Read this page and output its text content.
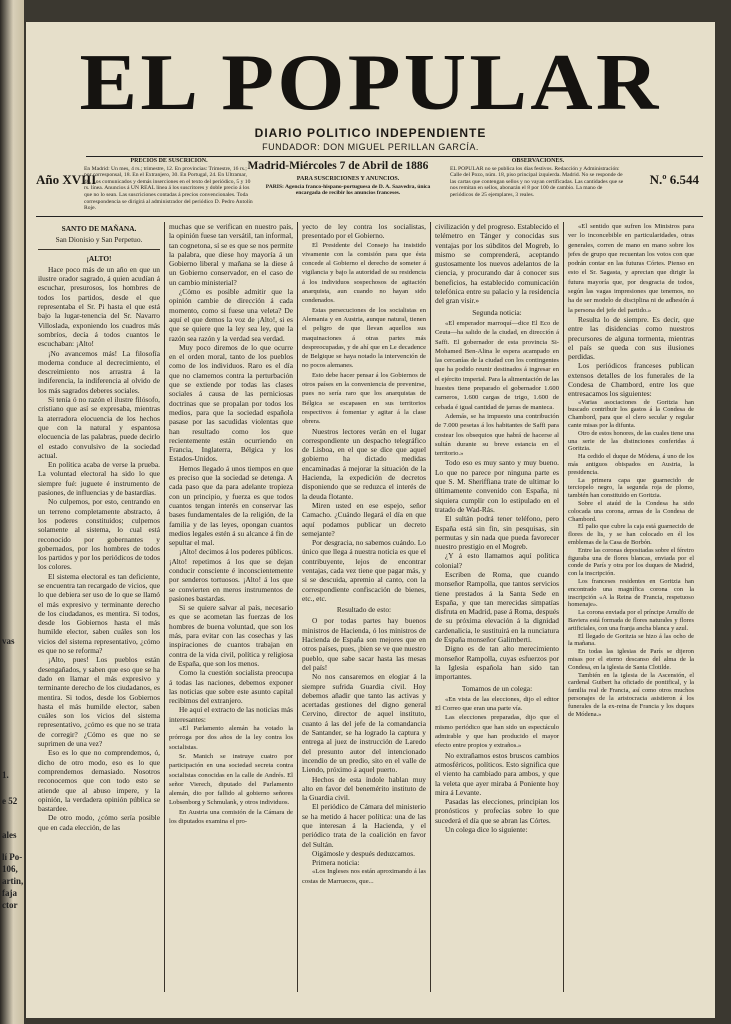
vas
1.
e 52
ales
lí Po-
106,
artin,
faja
ctor
EL POPULAR
DIARIO POLITICO INDEPENDIENTE
FUNDADOR: DON MIGUEL PERILLAN GARCÍA.
Año XVIII
PRECIOS DE SUSCRICION.
En Madrid: Un mes, 4 rs.; trimestre, 12. En provincias: Trimestre, 16 rs.; por corresponsal, 18. En el Extranjero, 30. En Portugal, 24. En Ultramar, 40. Los comunicados y demás inserciones en el texto del periódico, 5 y 10 rs. línea. Anuncios á UN REAL línea á los suscritores y doble precio á los que no lo sean. Las suscriciones contadas á precios convencionales. Toda correspondencia se dirigirá al administrador del periódico D. Pedro Antolín Roje.
Madrid-Miércoles 7 de Abril de 1886
PARA SUSCRICIONES Y ANUNCIOS.
PARIS: Agencia franco-hispano-portuguesa de D. A. Saavedra, única encargada de recibir los anuncios franceses.
OBSERVACIONES.
EL POPULAR no se publica los días festivos. Redacción y Administración: Calle del Pozo, núm. 18, piso principal izquierda. Madrid. No se responde de las cartas que contengan sellos y no vayan certificadas. Las cantidades que se nos remitan en sellos, abonarán el 8 por 100 de cambio. La mano de periódicos de 25 ejemplares, 3 reales.
N.º 6.544
SANTO DE MAÑANA.
San Dionisio y San Perpetuo.
¡ALTO!

Hace poco más de un año en que un ilustre orador sagrado, á quien acudían á escuchar, presurosos, los hombres de todos los partidos, desde el que representaba el Sr. Pi hasta el que está bajo la lugar-tenencia del Sr. Navarro Villoslada, exponiendo los cuadros más sombríos, decía á todos cuantos le escuchaban: ¡Alto!

¡No avancemos más! La filosofía moderna conduce al decrecimiento, el descreimiento nos arrastra á la indiferencia, la indiferencia al olvido de los más sagrados deberes sociales.

Si tenía ó no razón el ilustre filósofo, cristiano que así se expresaba, mientras la aterradora elocuencia de los hechos que con la natural y espantosa elocuencia de las palabras, puede decirlo el estado convulsivo de la sociedad actual.

En política acaba de verse la prueba. La voluntad electoral ha sido lo que siempre fué: juguete é instrumento de pasiones, de influencias y de bastardías.

No culpemos, por esto, centrando en un terreno completamente abstracto, á los poderes constituidos; culpemos solamente al sistema, lo cual está reconocido por gobernantes y gobernados, por los hombres de todos los partidos y por los periódicos de todos los colores.

El sistema electoral es tan deficiente, se encuentra tan recargado de vicios, que lo que debiera ser uso de lo que se llamó el más expresivo y terminante derecho de los ciudadanos, es mentira. Si todos, desde los Gobiernos hasta el más humilde elector, saben cuáles son los vicios del sistema representativo, ¿cómo es que no se reforma?

¡Alto, pues! Los pueblos están desengañados, y saben que eso que se ha dado en llamar el más expresivo y terminante derecho de los ciudadanos, es mentira. Si todos, desde los Gobiernos hasta el más humilde elector, saben cuáles son los vicios del sistema representativo, ¿cómo es que no se trata de corregir? ¿Cómo es que no se suprimen de una vez?

Eso es lo que no comprendemos, ó, dicho de otro modo, eso es lo que comprendemos demasiado. Nosotros reconocemos que con todo esto se atiende que al abuso impere, y la opinión, la verdadera opinión pública se bastardee.

De otro modo, ¿cómo sería posible que en cada elección, de las

muchas que se verifican en nuestro país, la opinión fuese tan versátil, tan informal, tan cognetona, sí se es que se nos permite la palabra, que diese hoy mayoría á un Gobierno liberal y mañana se la diese á un Gobierno conservador, en el caso de un cambio ministerial?

¿Cómo es posible admitir que la opinión cambie de dirección á cada momento, como si fuese una veleta? De aquí el que demos la voz de ¡Alto!, si es que se quiere que la ley sea ley, que la razón sea razón y la verdad sea verdad.

Muy poco diremos de lo que ocurre en el orden moral, tanto de los pueblos como de los individuos. Raro es el día que no clamemos contra la perturbación que se extiende por todas las clases sociales á causa de las perniciosas doctrinas que se propalan por todos los medios, para que la sociedad española pasase por las sacudidas violentas que han resultado como los que recientemente están ocurriendo en Francia, Inglaterra, Bélgica y los Estados-Unidos.

Hemos llegado á unos tiempos en que es preciso que la sociedad se detenga. A cada paso que da para adelante tropieza con un principio, y fuerza es que todos cuantos tengan interés en conservar las bases fundamentales de la religión, de la familia y de las leyes, opongan cuantos medios legales estén á su alcance á fin de sepultar el mal.

¡Alto! decimos á los poderes públicos. ¡Alto! repetimos á los que se dejan conducir consciente é inconscientemente por senderos tortuosos. ¡Alto! á los que se convierten en meros instrumentos de pasiones bastardas.

Si se quiere salvar al país, necesario es que se acometan las fuerzas de los hombres de buena voluntad, que son los más, para evitar con las cosechas y las inspiraciones de cuantos trabajan en contra de la vida civil, política y religiosa de España, que son los menos.

Como la cuestión socialista preocupa á todas las naciones, debemos exponer las noticias que sobre este asunto capital recibimos del extranjero.

He aquí el extracto de las noticias más interesantes:

«El Parlamento alemán ha votado la prórroga por dos años de la ley contra los socialistas.

Sr. Manich se instruye cuatro por participación en una sociedad secreta contra socialistas conocidas en la calle de Andrés. El señor Vierech, diputado del Parlamento alemán, dio por fallido al gobierno señores Lobsenborg y Schmulank, y otros individuos.

En Austria una comisión de la Cámara de los diputados examina el pro-

yecto de ley contra los socialistas, presentado por el Gobierno.

El Presidente del Consejo ha insistido vivamente con la comisión para que ésta concede al Gobierno el derecho de someter á vigilancia y bajo la autoridad de su residencia á los individuos sospechosos de agitación anarquista, aun cuando no hayan sido condenados.

Estas persecuciones de los socialistas en Alemania y en Austria, aunque natural, tienen el peligro de que llevan aquellos sus maquinaciones á otras partes más despreocupadas, y de ahí que en Le decadence de Belgique se haya notado la intervención de no pocos alemanes.

Esto debe hacer pensar á los Gobiernos de otros países en la conveniencia de prevenirse, pues no sería raro que los anarquistas de Bélgica se escapasen en sus territorios respectivos á fomentar y agitar á la clase obrera.

Nuestros lectores verán en el lugar correspondiente un despacho telegráfico de Lisboa, en el que se dice que aquel gobierno ha dictado medidas encaminadas á mejorar la situación de la Hacienda, la expedición de decretos disponiendo que se reduzca el interés de la deuda flotante.

Miren usted en ese espejo, señor Camacho. ¿Cuándo llegará el día en que aquí podamos publicar un decreto semejante?

Por desgracia, no sabemos cuándo. Lo único que llega á nuestra noticia es que el contribuyente, lejos de encontrar ventajas, cada vez tiene que pagar más, y si se descuida, apremio al canto, con la correspondiente confiscación de bienes, etc., etc.

Resultado de esto:

O por todas partes hay buenos ministros de Hacienda, ó los ministros de Hacienda de España son mejores que en otros países, pues, ¡bien se ve que nuestro pueblo, que sabe sacar hasta las mesas del país!

No nos cansaremos en elogiar á la siempre sufrida Guardia civil. Hoy debemos añadir que tanto las activas y acertadas gestiones del digno general Cervino, director de aquel instituto, cuanto á las del jefe de la comandancia de Santander, se ha logrado la captura y entrega al juez de instrucción de Laredo del presunto autor del intencionado incendio de un predio, sito en el valle de Liendo, próximo á aquel puerto.

Hechos de esta índole hablan muy alto en favor del benemérito instituto de la Guardia civil.

El periódico de Cámara del ministerio se ha metido á hacer política: una de las que interesan á la Hacienda, y el periódico trata de la coalición en favor del Sultán.

Oigámosle y después deduzcamos.

Primera noticia:

«Los Ingleses nos están aproximando á las costas de Marruecos, que...

civilización y del progreso. Establecido el telémetro en Tánger y conocidas sus ventajas por los súbditos del Mogreb, lo mismo se comprenderá, aceptando gustosamente los nuevos adelantos de la ciencia, y procurando dar á conocer sus beneficios, ha establecido comunicación telefónica entre su palacio y la residencia del gran visir.»

Segunda noticia:

«El emperador marroquí—dice El Eco de Ceuta—ha salido de la ciudad, en dirección á Saffi. El gobernador de esta provincia Si-Mohamed Ben-Alina le espera acampado en las cercanías de la ciudad con los contingentes que ha podido reunir destinados á ingresar en el ejército imperial. Para la alimentación de las huestes tiene preparado el gobernador 1.600 carneros, 1.600 cargas de trigo, 1.600 de cebada é igual cantidad de jarras de manteca.

Además, se ha impuesto una contribución de 7.000 pesetas á los habitantes de Saffi para costear los obsequios que habrá de hacerse al sultán durante su breve estancia en el territorio.»

Todo eso es muy santo y muy bueno. Lo que no parece por ninguna parte es que S. M. Sheriffiana trate de ultimar lo últimamente convenido con España, ni siquiera cumplir con lo estipulado en el tratado de Wad-Rás.

El sultán podrá tener teléfono, pero España está sin fin, sin pesquisas, sin permutas y sin nada que pueda favorecer nuestro prestigio en el Mogreb.

¿Y á esto llamamos aquí política colonial?

Escriben de Roma, que cuando monseñor Rampolla, que tantos servicios tiene prestados á la Santa Sede en España, y que tan merecidas simpatías disfruta en Madrid, pase á Roma, después de su próxima elevación á la dignidad cardenalicia, le sustituirá en la nunciatura de España monseñor Galimberti.

Digno es de tan alto merecimiento monseñor Rampolla, cuyas esfuerzos por la Iglesia española han sido tan importantes.

Tomamos de un colega:

«En vista de las elecciones, dijo el editor El Correo que eran una parte vía.

Las elecciones preparadas, dijo que el mismo periódico que han sido un espectáculo admirable y que han producido el mayor efecto entre propios y extraños.»

No extrañamos estos bruscos cambios atmosféricos, políticos. Esto significa que el viento ha cambiado para ambos, y que la veleta que ayer miraba á Poniente hoy mira á Levante.

Pasadas las elecciones, principian los pronósticos y profecías sobre lo que sucederá el día que se abran las Córtes.

Un colega dice lo siguiente:

«El sentido que sufren los Ministros para ver lo inconcebible en particularidades, otras generales, corren de mano en mano sobre los jefes de grupo que recuentan los votos con que podrán contar en las futuras Córtes. Pienso en esto el Sr. Sagasta, y aprecian que dirigir la futura mayoría que, por desgracia de todos, según las vagas impresiones que tenemos, no ha de ser modelo de disciplina ni de adhesión á la persona del jefe del partido.»

Resulta lo de siempre. Es decir, que entre las disidencias como nuestros precursores de alguna tormenta, mientras el país se queda con sus ilusiones perdidas.

Los periódicos franceses publican extensos detalles de los funerales de la Condesa de Chambord, entre los que entresacamos los siguientes:

«Varias asociaciones de Goritzia han buscado contribuir los gastos á la Condesa de Chambord, para que el clero secular y regular cante misas por la difunta.

Otro de estos honores, de las cuales tiene una una serie de las distinciones conferidas á Goritzia.

Ha cedido el duque de Módena, á uno de los más antiguos obispados en Austria, la presidencia.

La primera capa que guarnecido de terciopelo negro, la segunda roja de plomo, también han constituido en Goritzia.

Sobre el ataúd de la Condesa ha sido colocada una corona, armas de la Condesa de Chambord.

El palio que cubre la caja está guarnecido de flores de lis, y se han colocado en él los emblemas de la Casa de Borbón.

Entre las coronas depositadas sobre el féretro figuraba una de flores blancas, enviada por el conde de París y otra por los duques de Madrid, con la inscripción.

Los franceses residentes en Goritzia han encontrado una magnífica corona con la inscripción «A la Reina de Francia, respetuoso homenaje».

La corona enviada por el príncipe Arnulfo de Baviera está formada de flores naturales y flores artificiales, con una franja ancha blanca y azul.

El llegado de Goritzia se hizo á las ocho de la mañana.

En todas las iglesias de París se dijeron misas por el eterno descanso del alma de la Condesa, en la iglesia de Santa Clotilde.

También en la iglesia de la Ascensión, el cardenal Guibert ha oficiado de pontifical, y la familia real de Francia, así como otros muchos personajes de la aristocracia asistieron á los funerales de la ex-reina de Francia y los duques de Módena.»
